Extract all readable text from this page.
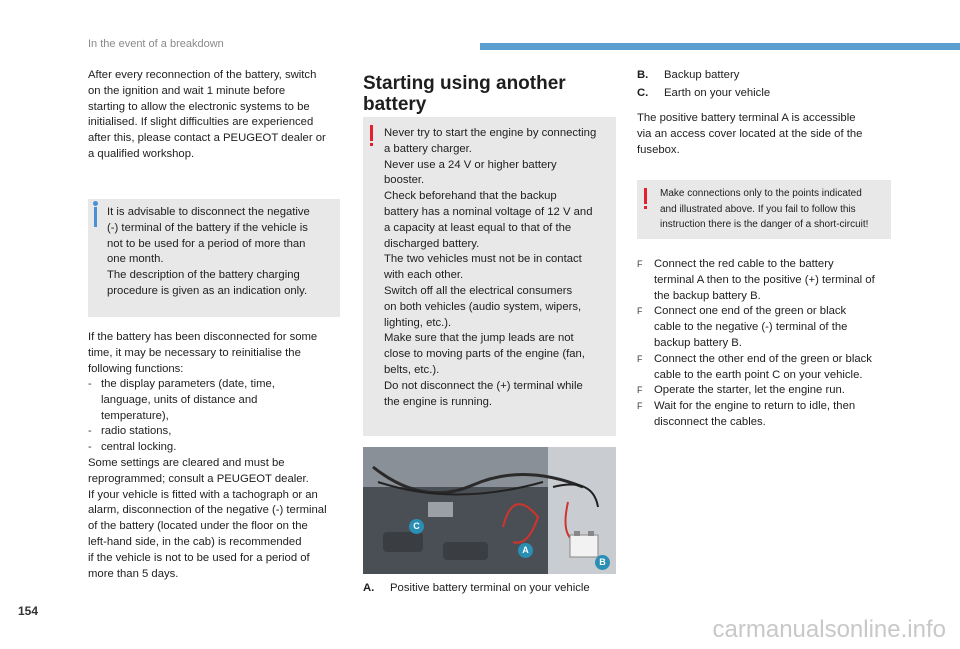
In the event of a breakdown
After every reconnection of the battery, switch
on the ignition and wait 1 minute before
starting to allow the electronic systems to be
initialised. If slight difficulties are experienced
after this, please contact a PEUGEOT dealer or
a qualified workshop.
It is advisable to disconnect the negative
(-) terminal of the battery if the vehicle is
not to be used for a period of more than
one month.
The description of the battery charging
procedure is given as an indication only.
If the battery has been disconnected for some
time, it may be necessary to reinitialise the
following functions:
- the display parameters (date, time,
language, units of distance and
temperature),
- radio stations,
- central locking.
Some settings are cleared and must be
reprogrammed; consult a PEUGEOT dealer.
If your vehicle is fitted with a tachograph or an
alarm, disconnection of the negative (-) terminal
of the battery (located under the floor on the
left-hand side, in the cab) is recommended
if the vehicle is not to be used for a period of
more than 5 days.
Starting using another
battery
Never try to start the engine by connecting
a battery charger.
Never use a 24 V or higher battery
booster.
Check beforehand that the backup
battery has a nominal voltage of 12 V and
a capacity at least equal to that of the
discharged battery.
The two vehicles must not be in contact
with each other.
Switch off all the electrical consumers
on both vehicles (audio system, wipers,
lighting, etc.).
Make sure that the jump leads are not
close to moving parts of the engine (fan,
belts, etc.).
Do not disconnect the (+) terminal while
the engine is running.
C
A
B
A.	Positive battery terminal on your vehicle
B.	Backup battery
C.	Earth on your vehicle
The positive battery terminal A is accessible
via an access cover located at the side of the
fusebox.
Make connections only to the points indicated
and illustrated above. If you fail to follow this
instruction there is the danger of a short-circuit!
F Connect the red cable to the battery
terminal A then to the positive (+) terminal of
the backup battery B.
F Connect one end of the green or black
cable to the negative (-) terminal of the
backup battery B.
F Connect the other end of the green or black
cable to the earth point C on your vehicle.
F Operate the starter, let the engine run.
F Wait for the engine to return to idle, then
disconnect the cables.
154
carmanualsonline.info
